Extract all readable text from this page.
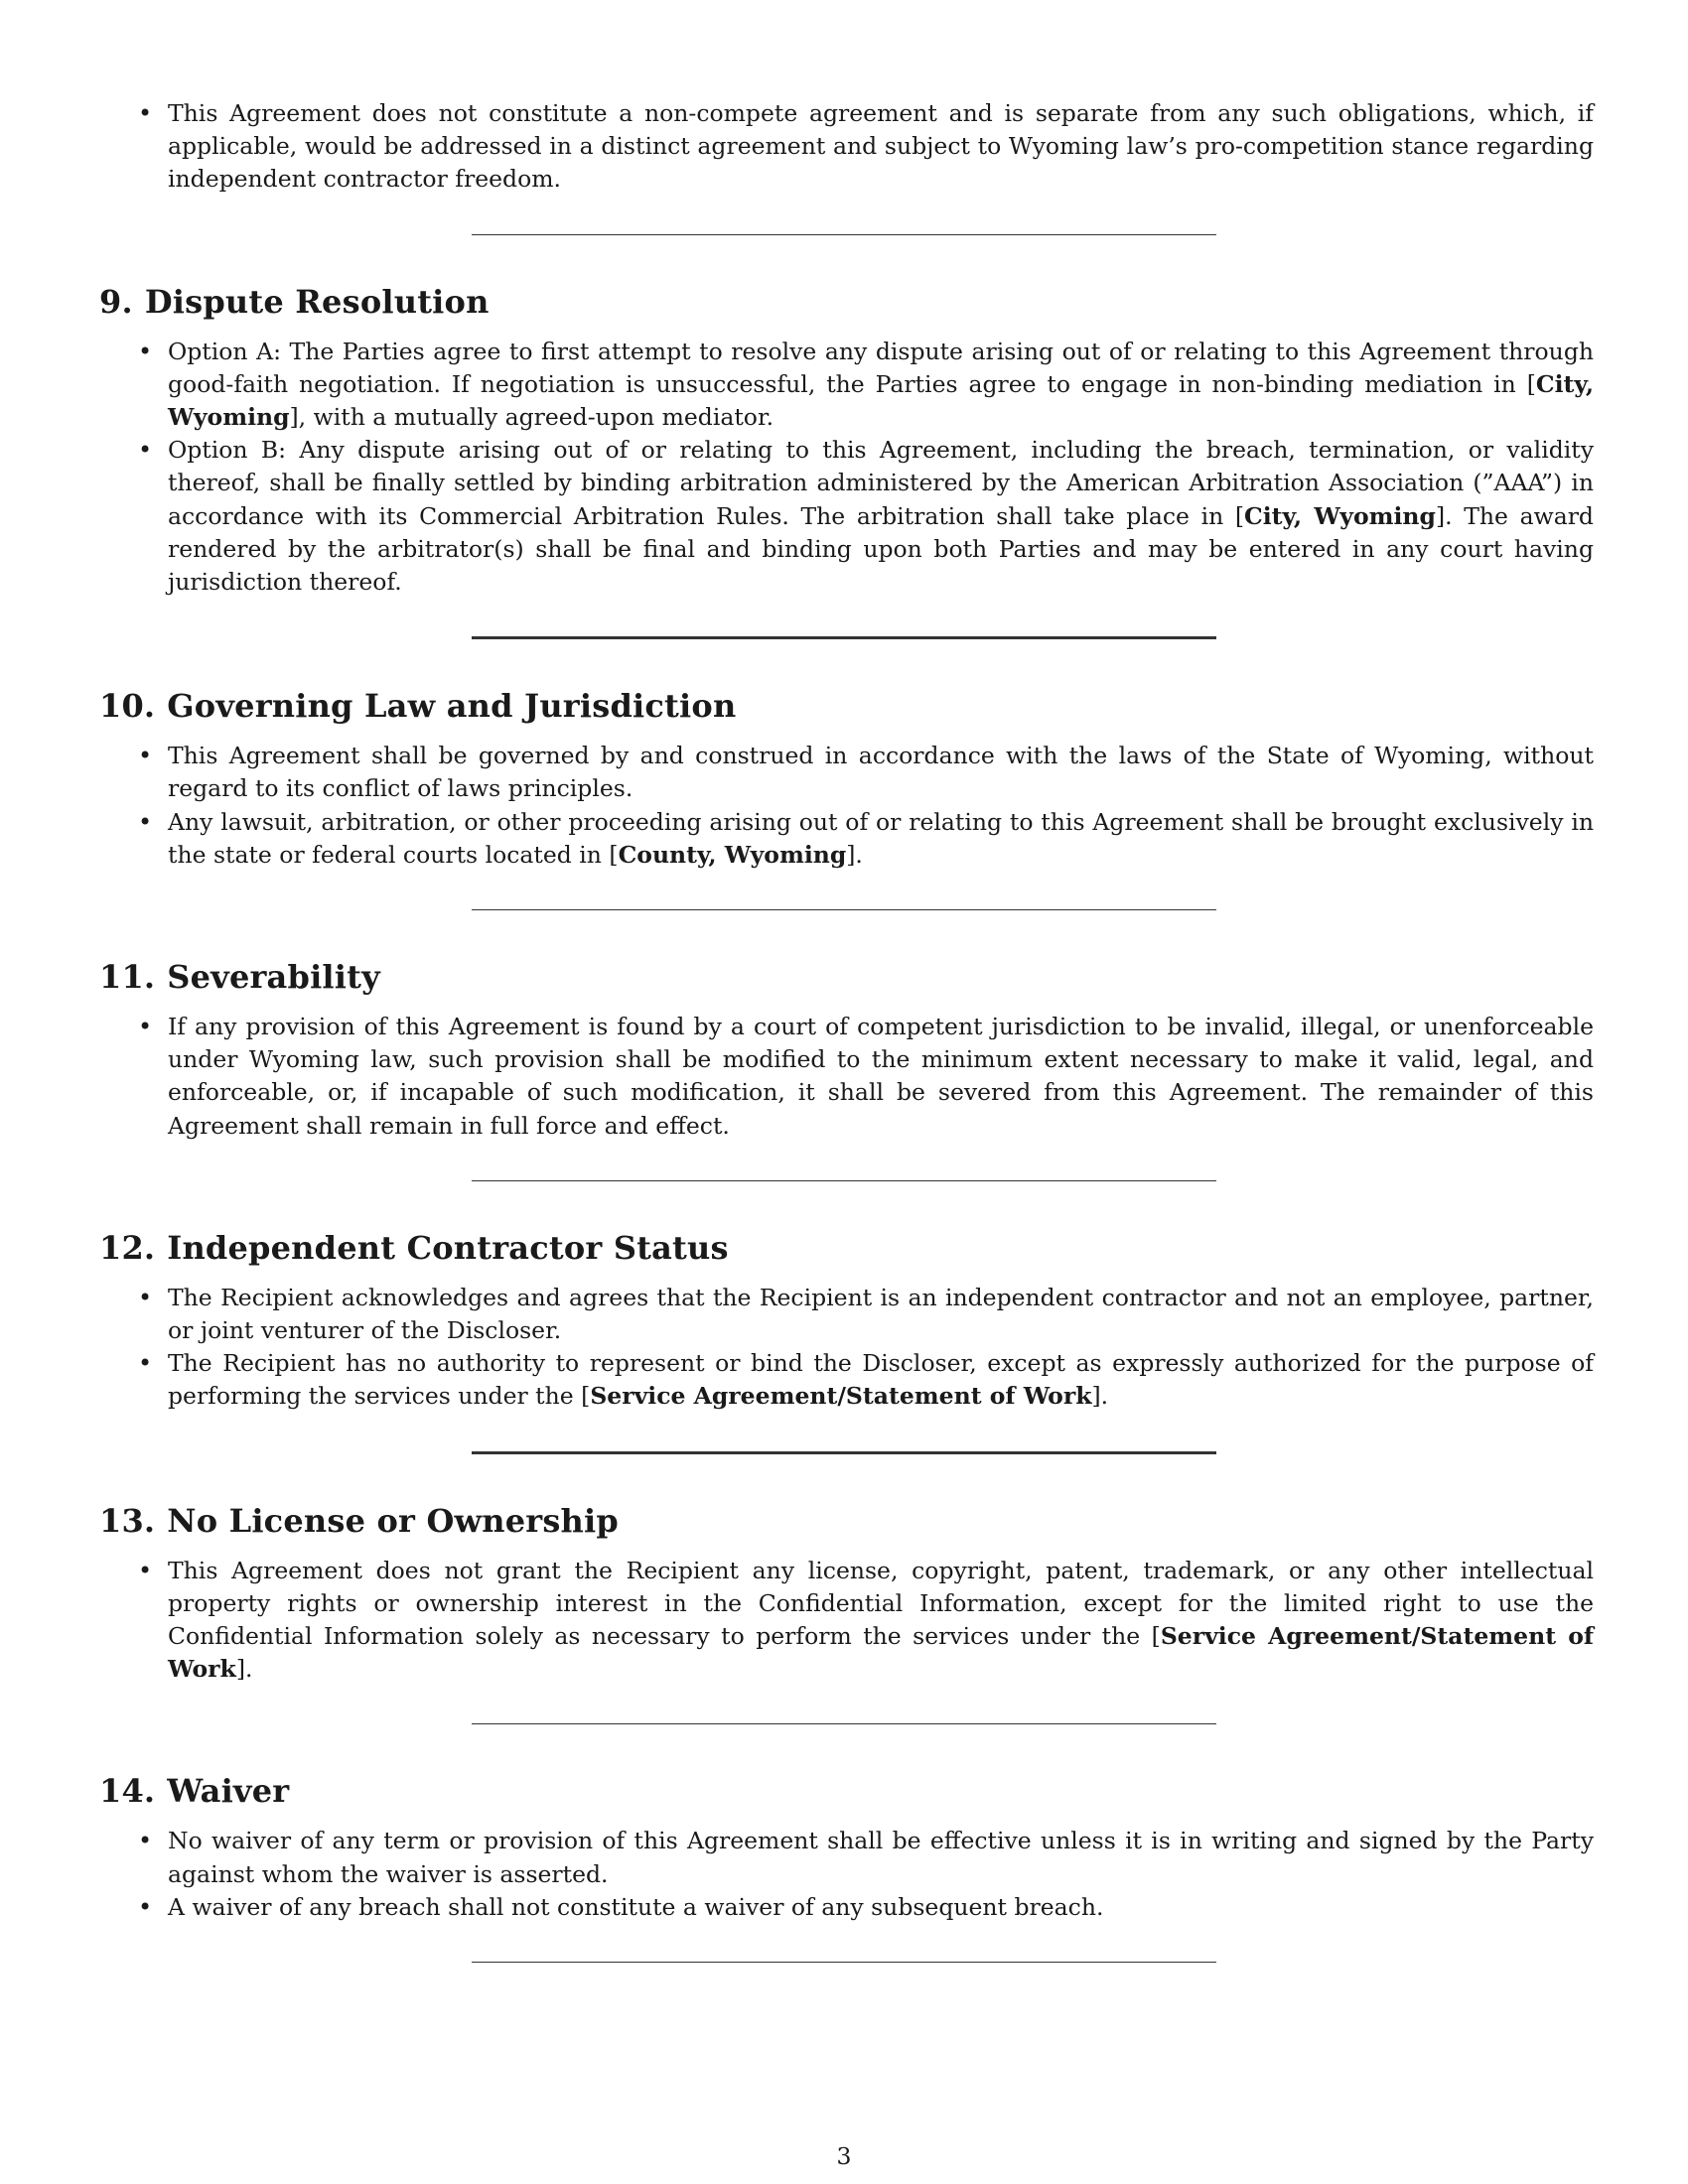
• This Agreement does not constitute a non-compete agreement and is separate from any such obligations, which, if applicable, would be addressed in a distinct agreement and subject to Wyoming law’s pro-competition stance regarding independent contractor freedom.
9. Dispute Resolution
• Option A: The Parties agree to first attempt to resolve any dispute arising out of or relating to this Agreement through good-faith negotiation. If negotiation is unsuccessful, the Parties agree to engage in non-binding mediation in [City, Wyoming], with a mutually agreed-upon mediator.
• Option B: Any dispute arising out of or relating to this Agreement, including the breach, termination, or validity thereof, shall be finally settled by binding arbitration administered by the American Arbitration Association (”AAA”) in accordance with its Commercial Arbitration Rules. The arbitration shall take place in [City, Wyoming]. The award rendered by the arbitrator(s) shall be final and binding upon both Parties and may be entered in any court having jurisdiction thereof.
10. Governing Law and Jurisdiction
• This Agreement shall be governed by and construed in accordance with the laws of the State of Wyoming, without regard to its conflict of laws principles.
• Any lawsuit, arbitration, or other proceeding arising out of or relating to this Agreement shall be brought exclusively in the state or federal courts located in [County, Wyoming].
11. Severability
• If any provision of this Agreement is found by a court of competent jurisdiction to be invalid, illegal, or unenforceable under Wyoming law, such provision shall be modified to the minimum extent necessary to make it valid, legal, and enforceable, or, if incapable of such modification, it shall be severed from this Agreement. The remainder of this Agreement shall remain in full force and effect.
12. Independent Contractor Status
• The Recipient acknowledges and agrees that the Recipient is an independent contractor and not an employee, partner, or joint venturer of the Discloser.
• The Recipient has no authority to represent or bind the Discloser, except as expressly authorized for the purpose of performing the services under the [Service Agreement/Statement of Work].
13. No License or Ownership
• This Agreement does not grant the Recipient any license, copyright, patent, trademark, or any other intellectual property rights or ownership interest in the Confidential Information, except for the limited right to use the Confidential Information solely as necessary to perform the services under the [Service Agreement/Statement of Work].
14. Waiver
• No waiver of any term or provision of this Agreement shall be effective unless it is in writing and signed by the Party against whom the waiver is asserted.
• A waiver of any breach shall not constitute a waiver of any subsequent breach.
3
